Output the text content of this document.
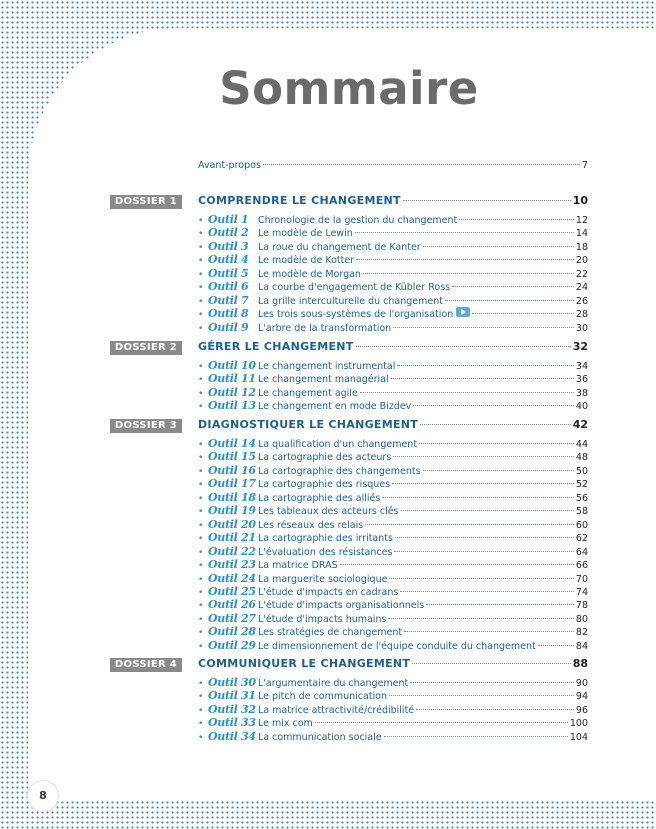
Sommaire
Avant-propos	7
DOSSIER 1	COMPRENDRE LE CHANGEMENT	10
• Outil 1	Chronologie de la gestion du changement	12
• Outil 2	Le modèle de Lewin	14
• Outil 3	La roue du changement de Kanter	18
• Outil 4	Le modèle de Kotter	20
• Outil 5	Le modèle de Morgan	22
• Outil 6	La courbe d'engagement de Kübler Ross	24
• Outil 7	La grille interculturelle du changement	26
• Outil 8	Les trois sous-systèmes de l'organisation	28
• Outil 9	L'arbre de la transformation	30
DOSSIER 2	GÉRER LE CHANGEMENT	32
• Outil 10 Le changement instrumental	34
• Outil 11 Le changement managérial	36
• Outil 12 Le changement agile	38
• Outil 13 Le changement en mode Bizdev	40
DOSSIER 3	DIAGNOSTIQUER LE CHANGEMENT	42
• Outil 14 La qualification d'un changement	44
• Outil 15 La cartographie des acteurs	48
• Outil 16 La cartographie des changements	50
• Outil 17 La cartographie des risques	52
• Outil 18 La cartographie des alliés	56
• Outil 19 Les tableaux des acteurs clés	58
• Outil 20 Les réseaux des relais	60
• Outil 21 La cartographie des irritants	62
• Outil 22 L'évaluation des résistances	64
• Outil 23 La matrice DRAS	66
• Outil 24 La marguerite sociologique	70
• Outil 25 L'étude d'impacts en cadrans	74
• Outil 26 L'étude d'impacts organisationnels	78
• Outil 27 L'étude d'impacts humains	80
• Outil 28 Les stratégies de changement	82
• Outil 29 Le dimensionnement de l'équipe conduite du changement	84
DOSSIER 4	COMMUNIQUER LE CHANGEMENT	88
• Outil 30 L'argumentaire du changement	90
• Outil 31 Le pitch de communication	94
• Outil 32 La matrice attractivité/crédibilité	96
• Outil 33 Le mix com	100
• Outil 34 La communication sociale	104
8
